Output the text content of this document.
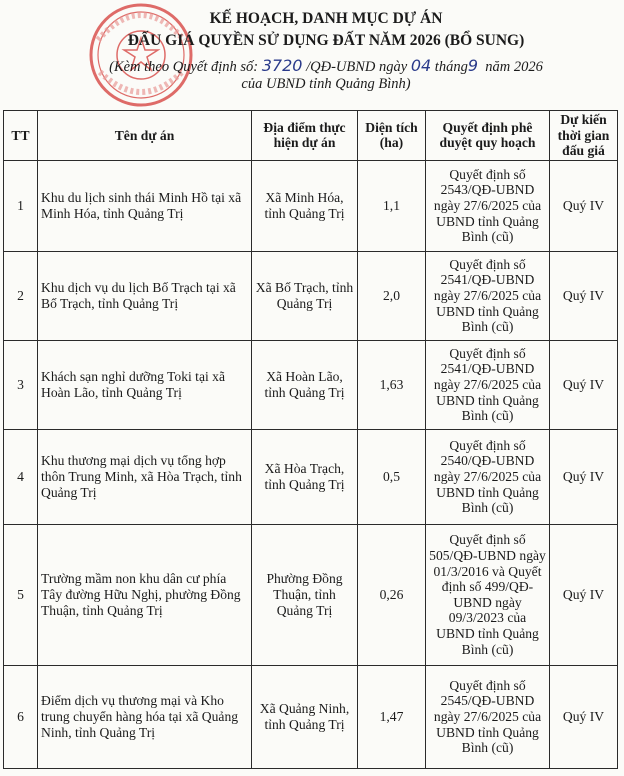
KẾ HOẠCH, DANH MỤC DỰ ÁN
ĐẤU GIÁ QUYỀN SỬ DỤNG ĐẤT NĂM 2026 (BỔ SUNG)
(Kèm theo Quyết định số: 3720 /QĐ-UBND ngày 04 tháng9 năm 2026
của UBND tỉnh Quảng Bình)
TT	Tên dự án	Địa điểm thực hiện dự án	Diện tích (ha)	Quyết định phê duyệt quy hoạch	Dự kiến thời gian đấu giá
1	Khu du lịch sinh thái Minh Hồ tại xã Minh Hóa, tỉnh Quảng Trị	Xã Minh Hóa, tỉnh Quảng Trị	1,1	Quyết định số 2543/QĐ-UBND ngày 27/6/2025 của UBND tỉnh Quảng Bình (cũ)	Quý IV
2	Khu dịch vụ du lịch Bố Trạch tại xã Bố Trạch, tỉnh Quảng Trị	Xã Bố Trạch, tỉnh Quảng Trị	2,0	Quyết định số 2541/QĐ-UBND ngày 27/6/2025 của UBND tỉnh Quảng Bình (cũ)	Quý IV
3	Khách sạn nghỉ dưỡng Toki tại xã Hoàn Lão, tỉnh Quảng Trị	Xã Hoàn Lão, tỉnh Quảng Trị	1,63	Quyết định số 2541/QĐ-UBND ngày 27/6/2025 của UBND tỉnh Quảng Bình (cũ)	Quý IV
4	Khu thương mại dịch vụ tổng hợp thôn Trung Minh, xã Hòa Trạch, tỉnh Quảng Trị	Xã Hòa Trạch, tỉnh Quảng Trị	0,5	Quyết định số 2540/QĐ-UBND ngày 27/6/2025 của UBND tỉnh Quảng Bình (cũ)	Quý IV
5	Trường mầm non khu dân cư phía Tây đường Hữu Nghị, phường Đồng Thuận, tỉnh Quảng Trị	Phường Đồng Thuận, tỉnh Quảng Trị	0,26	Quyết định số 505/QĐ-UBND ngày 01/3/2016 và Quyết định số 499/QĐ-UBND ngày 09/3/2023 của UBND tỉnh Quảng Bình (cũ)	Quý IV
6	Điểm dịch vụ thương mại và Kho trung chuyển hàng hóa tại xã Quảng Ninh, tỉnh Quảng Trị	Xã Quảng Ninh, tỉnh Quảng Trị	1,47	Quyết định số 2545/QĐ-UBND ngày 27/6/2025 của UBND tỉnh Quảng Bình (cũ)	Quý IV
